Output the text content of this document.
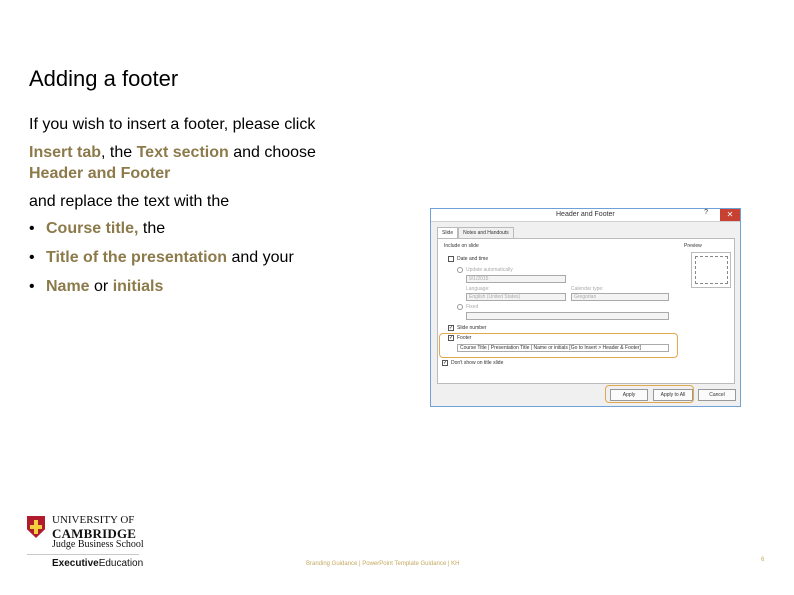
Adding a footer
If you wish to insert a footer, please click
Insert tab, the Text section and choose
Header and Footer
and replace the text with the
• Course title, the
• Title of the presentation and your
• Name or initials
Header and Footer	?	✕
Slide	Notes and Handouts
Include on slide	Preview
Date and time
Update automatically
9/1/2015
Language:
English (United States)
Calendar type:
Gregorian
Fixed
✓ Slide number
✓ Footer
Course Title | Presentation Title | Name or initials [Go to Insert > Header & Footer]
✓ Don't show on title slide
Apply	Apply to All	Cancel
UNIVERSITY OF
CAMBRIDGE
Judge Business School
ExecutiveEducation	Branding Guidance | PowerPoint Template Guidance | KH
6
